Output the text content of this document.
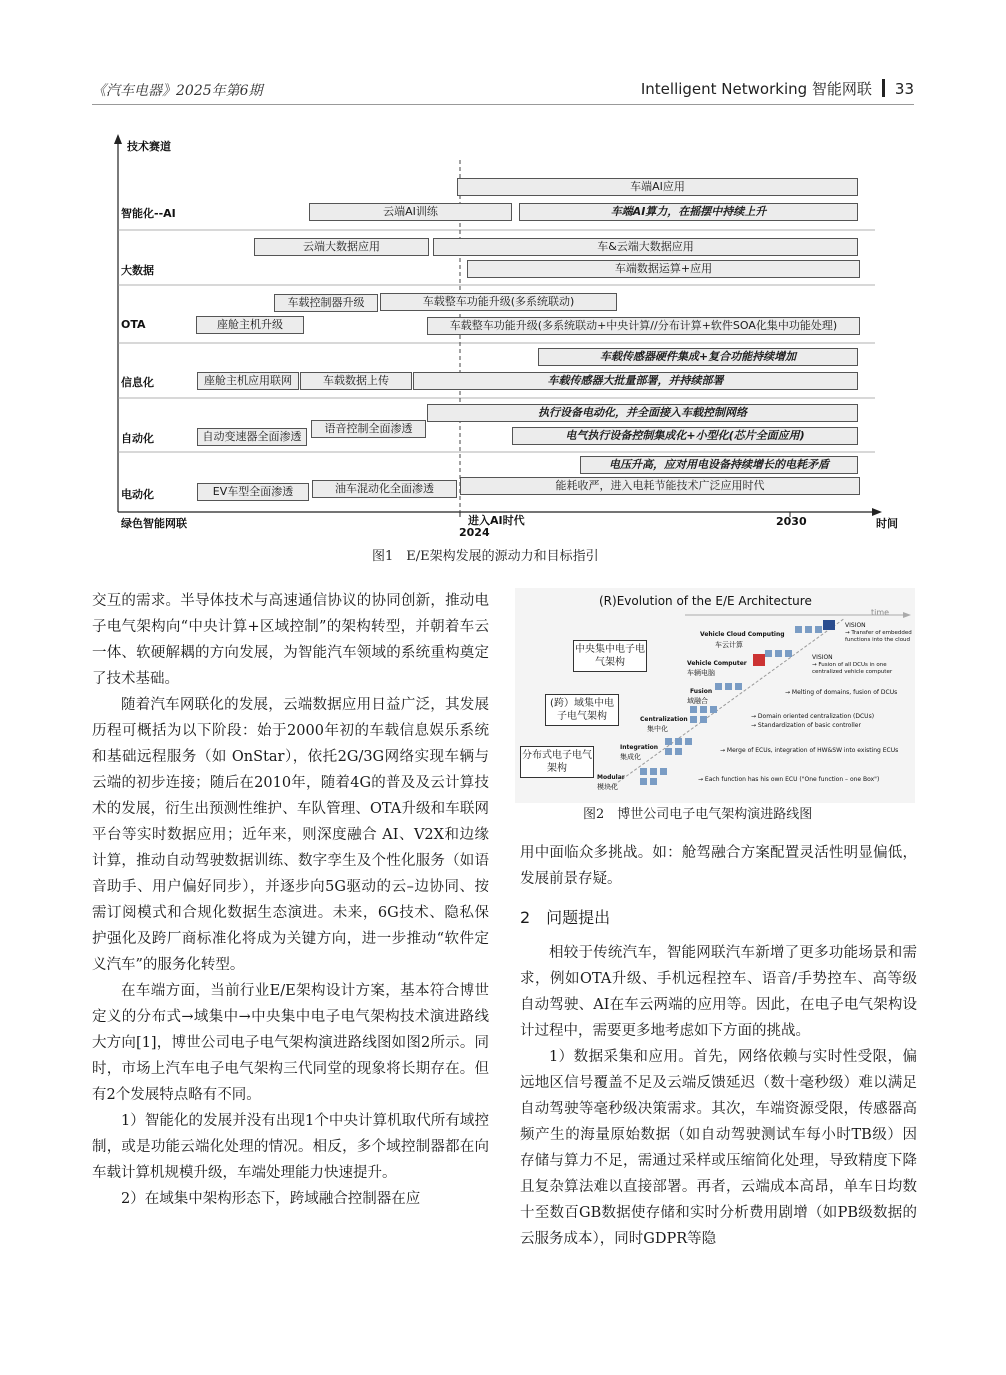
《汽车电器》2025年第6期	Intelligent Networking 智能网联 33
技术赛道
智能化--AI
大数据
OTA
信息化
自动化
电动化
车端AI应用
云端AI训练	车端AI算力，在摇摆中持续上升
云端大数据应用	车&云端大数据应用
车端数据运算+应用
车载控制器升级	车载整车功能升级(多系统联动)
座舱主机升级	车载整车功能升级(多系统联动+中央计算//分布计算+软件SOA化集中功能处理)
车载传感器硬件集成+复合功能持续增加
座舱主机应用联网	车载数据上传	车载传感器大批量部署，并持续部署
执行设备电动化，并全面接入车载控制网络
语音控制全面渗透
自动变速器全面渗透	电气执行设备控制集成化+小型化(芯片全面应用)
电压升高，应对用电设备持续增长的电耗矛盾
EV车型全面渗透	油车混动化全面渗透	能耗收严，进入电耗节能技术广泛应用时代
绿色智能网联	进入AI时代
2024
2030	时间
图1　E/E架构发展的源动力和目标指引
(R)Evolution of the E/E Architecture
time
中央集中电子电气架构
(跨）域集中电子电气架构
分布式电子电气架构
Vehicle Cloud Computing
车云计算
Vehicle Computer
车辆电脑
Fusion
域融合
Centralization
集中化
Integration
集成化
Modular
模块化
VISION
→ Transfer of embedded functions into the cloud
VISION
→ Fusion of all DCUs in one centralized vehicle computer
→ Melting of domains, fusion of DCUs
→ Domain oriented centralization (DCUs)
→ Standardization of basic controller
→ Merge of ECUs, integration of HW&SW into existing ECUs
→ Each function has his own ECU ("One function – one Box")
图2　博世公司电子电气架构演进路线图

交互的需求。半导体技术与高速通信协议的协同创新，推动电子电气架构向“中央计算+区域控制”的架构转型，并朝着车云一体、软硬解耦的方向发展，为智能汽车领域的系统重构奠定了技术基础。

随着汽车网联化的发展，云端数据应用日益广泛，其发展历程可概括为以下阶段：始于2000年初的车载信息娱乐系统和基础远程服务（如 OnStar），依托2G/3G网络实现车辆与云端的初步连接；随后在2010年，随着4G的普及及云计算技术的发展，衍生出预测性维护、车队管理、OTA升级和车联网平台等实时数据应用；近年来，则深度融合 AI、V2X和边缘计算，推动自动驾驶数据训练、数字孪生及个性化服务（如语音助手、用户偏好同步），并逐步向5G驱动的云–边协同、按需订阅模式和合规化数据生态演进。未来，6G技术、隐私保护强化及跨厂商标准化将成为关键方向，进一步推动“软件定义汽车”的服务化转型。

在车端方面，当前行业E/E架构设计方案，基本符合博世定义的分布式→域集中→中央集中电子电气架构技术演进路线大方向[1]，博世公司电子电气架构演进路线图如图2所示。同时，市场上汽车电子电气架构三代同堂的现象将长期存在。但有2个发展特点略有不同。

1）智能化的发展并没有出现1个中央计算机取代所有域控制，或是功能云端化处理的情况。相反，多个域控制器都在向车载计算机规模升级，车端处理能力快速提升。

2）在域集中架构形态下，跨域融合控制器在应

用中面临众多挑战。如：舱驾融合方案配置灵活性明显偏低，发展前景存疑。

2　问题提出

相较于传统汽车，智能网联汽车新增了更多功能场景和需求，例如OTA升级、手机远程控车、语音/手势控车、高等级自动驾驶、AI在车云两端的应用等。因此，在电子电气架构设计过程中，需要更多地考虑如下方面的挑战。

1）数据采集和应用。首先，网络依赖与实时性受限，偏远地区信号覆盖不足及云端反馈延迟（数十毫秒级）难以满足自动驾驶等毫秒级决策需求。其次，车端资源受限，传感器高频产生的海量原始数据（如自动驾驶测试车每小时TB级）因存储与算力不足，需通过采样或压缩简化处理，导致精度下降且复杂算法难以直接部署。再者，云端成本高昂，单车日均数十至数百GB数据使存储和实时分析费用剧增（如PB级数据的云服务成本），同时GDPR等隐
